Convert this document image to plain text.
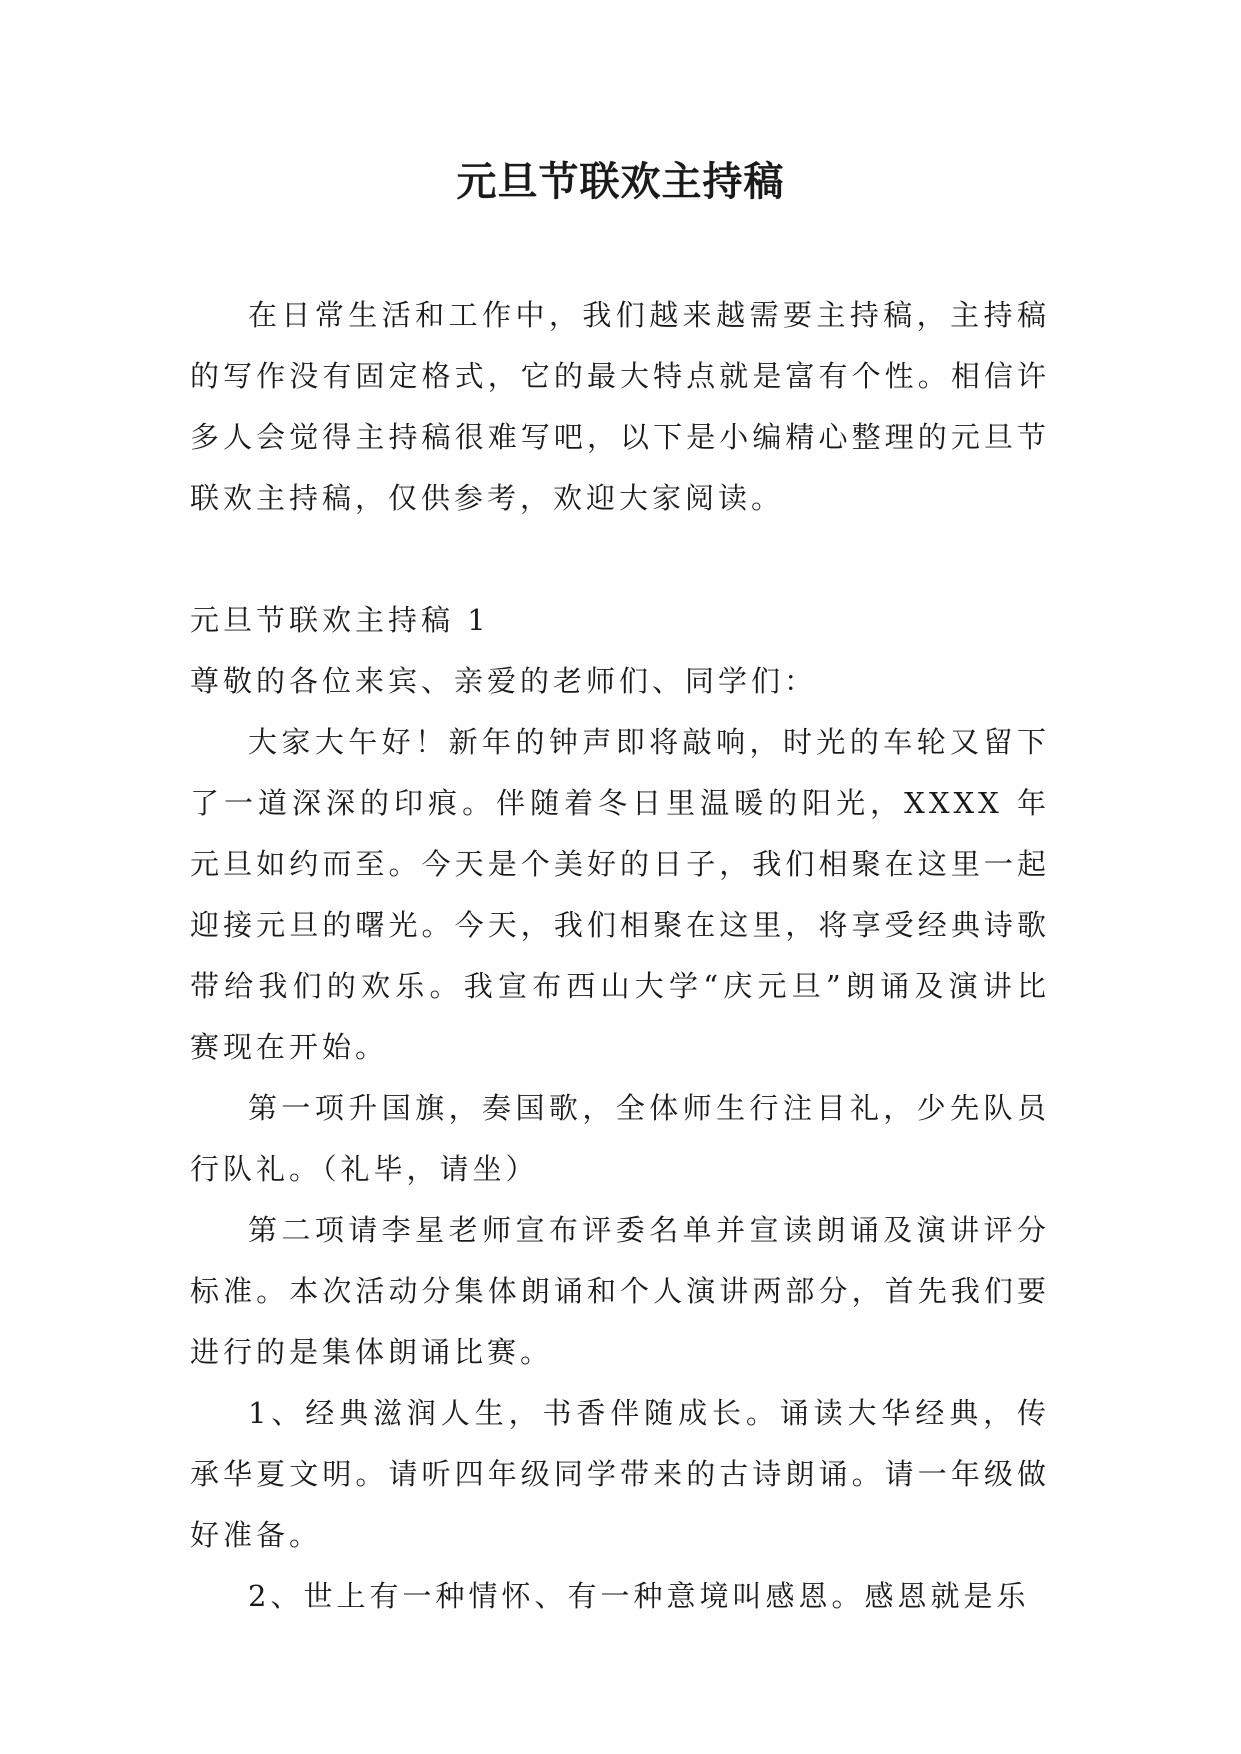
元旦节联欢主持稿

在日常生活和工作中，我们越来越需要主持稿，主持稿的写作没有固定格式，它的最大特点就是富有个性。相信许多人会觉得主持稿很难写吧，以下是小编精心整理的元旦节联欢主持稿，仅供参考，欢迎大家阅读。

元旦节联欢主持稿 1

尊敬的各位来宾、亲爱的老师们、同学们：

大家大午好！新年的钟声即将敲响，时光的车轮又留下了一道深深的印痕。伴随着冬日里温暖的阳光，XXXX 年元旦如约而至。今天是个美好的日子，我们相聚在这里一起迎接元旦的曙光。今天，我们相聚在这里，将享受经典诗歌带给我们的欢乐。我宣布西山大学“庆元旦”朗诵及演讲比赛现在开始。

第一项升国旗，奏国歌，全体师生行注目礼，少先队员行队礼。（礼毕，请坐）

第二项请李星老师宣布评委名单并宣读朗诵及演讲评分标准。本次活动分集体朗诵和个人演讲两部分，首先我们要进行的是集体朗诵比赛。

1、经典滋润人生，书香伴随成长。诵读大华经典，传承华夏文明。请听四年级同学带来的古诗朗诵。请一年级做好准备。

2、世上有一种情怀、有一种意境叫感恩。感恩就是乐
